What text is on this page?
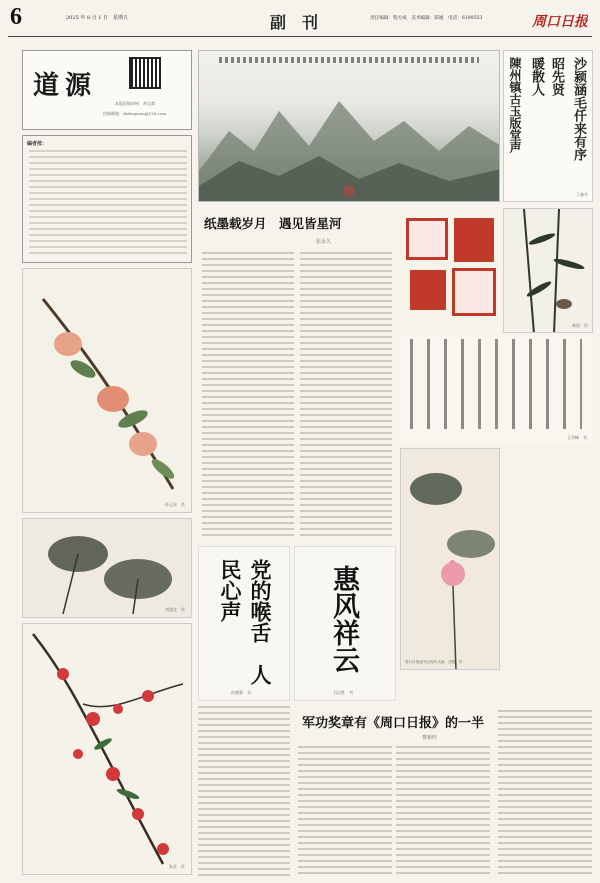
6	2025 年 8 月 1 日　星期五	副　刊	责任编辑：程方成　美术编辑：陈娅　电话：6199553	周口日报
道源
本版征稿审核：黄文斋
投稿邮箱：zkdaoyuan@126.com
编者按：
吴健　作
沙颍涵毛仟来有序
昭先贤
暖散人
陳州镇古玉版堂声
丁森书
孙玉东　作
刘建文　作
朱苏　作
纸墨载岁月　遇见皆星河
张永久
林原　作
王学峰　书
周口日报创刊五周年庆画　刘霞　作
党的喉舌　人民心声
孙德强　书
惠风祥云
石启胜　书
军功奖章有《周口日报》的一半
曹新旺
